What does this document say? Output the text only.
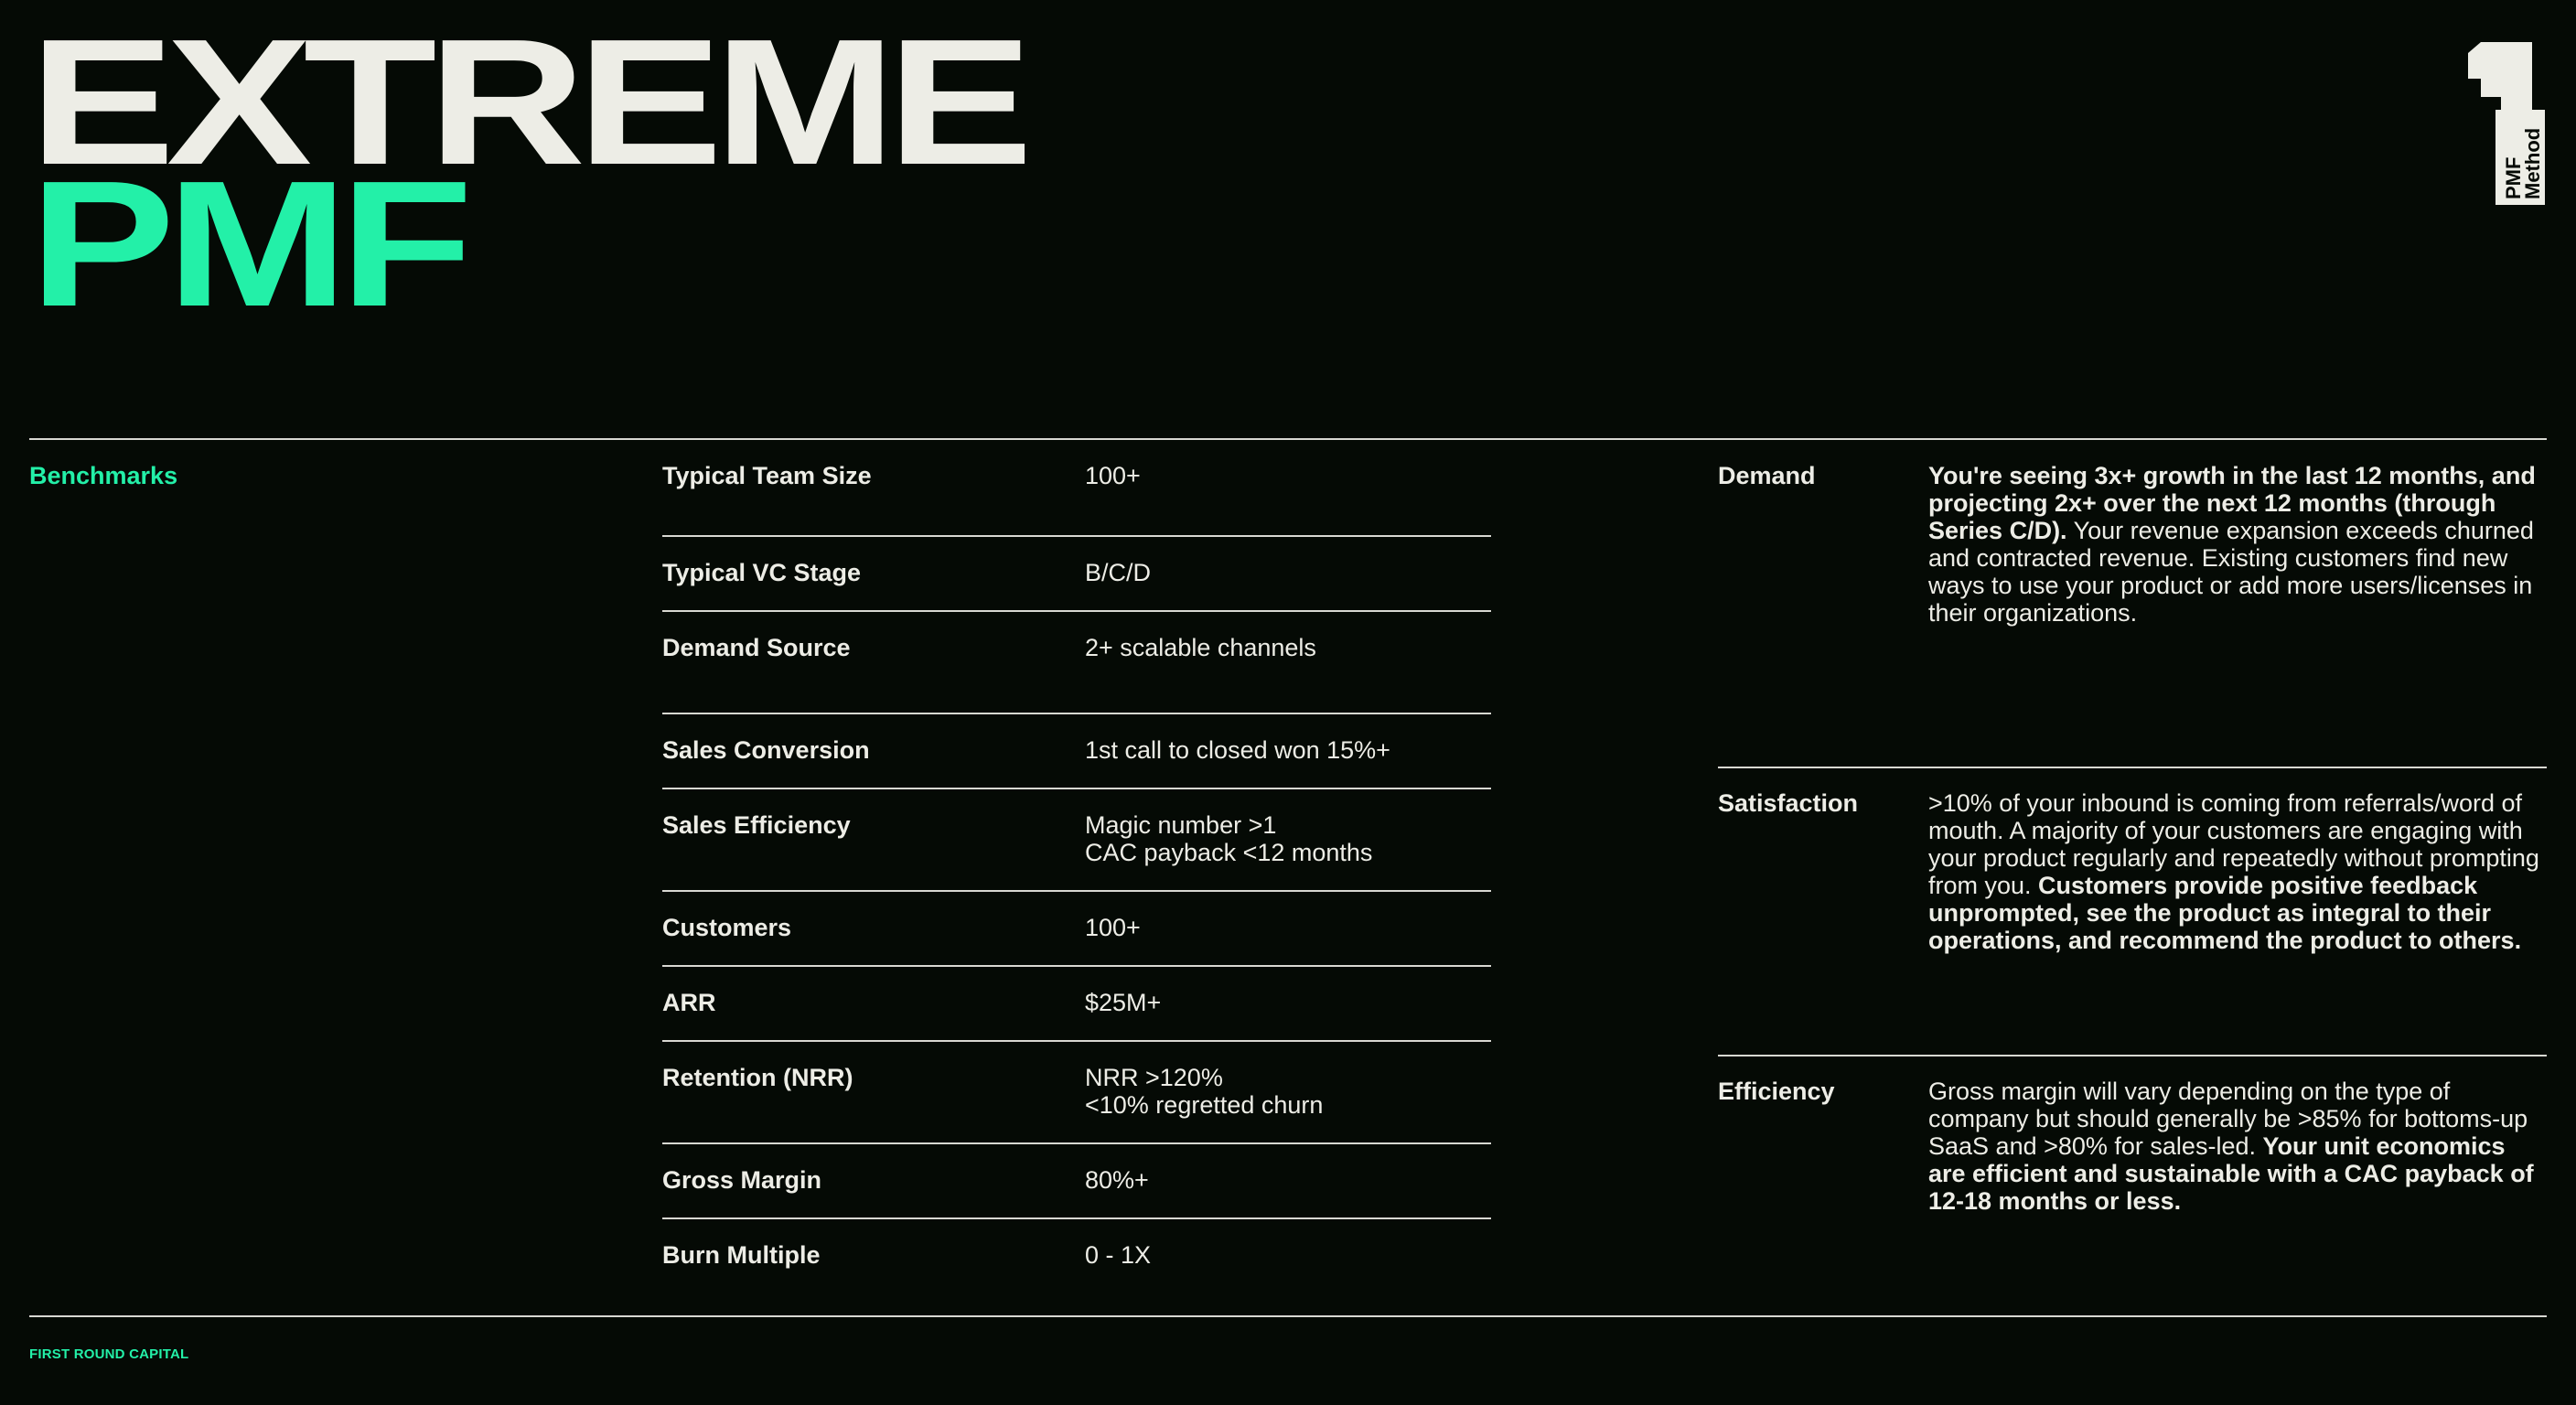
EXTREME
PMF	PMF
Method
Benchmarks	Typical Team Size	100+
Typical VC Stage	B/C/D
Demand Source	2+ scalable channels
Sales Conversion	1st call to closed won 15%+
Sales Efficiency	Magic number >1
CAC payback <12 months
Customers	100+
ARR	$25M+
Retention (NRR)	NRR >120%
<10% regretted churn
Gross Margin	80%+
Burn Multiple	0 - 1X
Demand	You're seeing 3x+ growth in the last 12 months, and projecting 2x+ over the next 12 months (through Series C/D). Your revenue expansion exceeds churned and contracted revenue. Existing customers find new ways to use your product or add more users/licenses in their organizations.
Satisfaction	>10% of your inbound is coming from referrals/word of mouth. A majority of your customers are engaging with your product regularly and repeatedly without prompting from you. Customers provide positive feedback unprompted, see the product as integral to their operations, and recommend the product to others.
Efficiency	Gross margin will vary depending on the type of company but should generally be >85% for bottoms-up SaaS and >80% for sales-led. Your unit economics are efficient and sustainable with a CAC payback of 12-18 months or less.
FIRST ROUND CAPITAL
